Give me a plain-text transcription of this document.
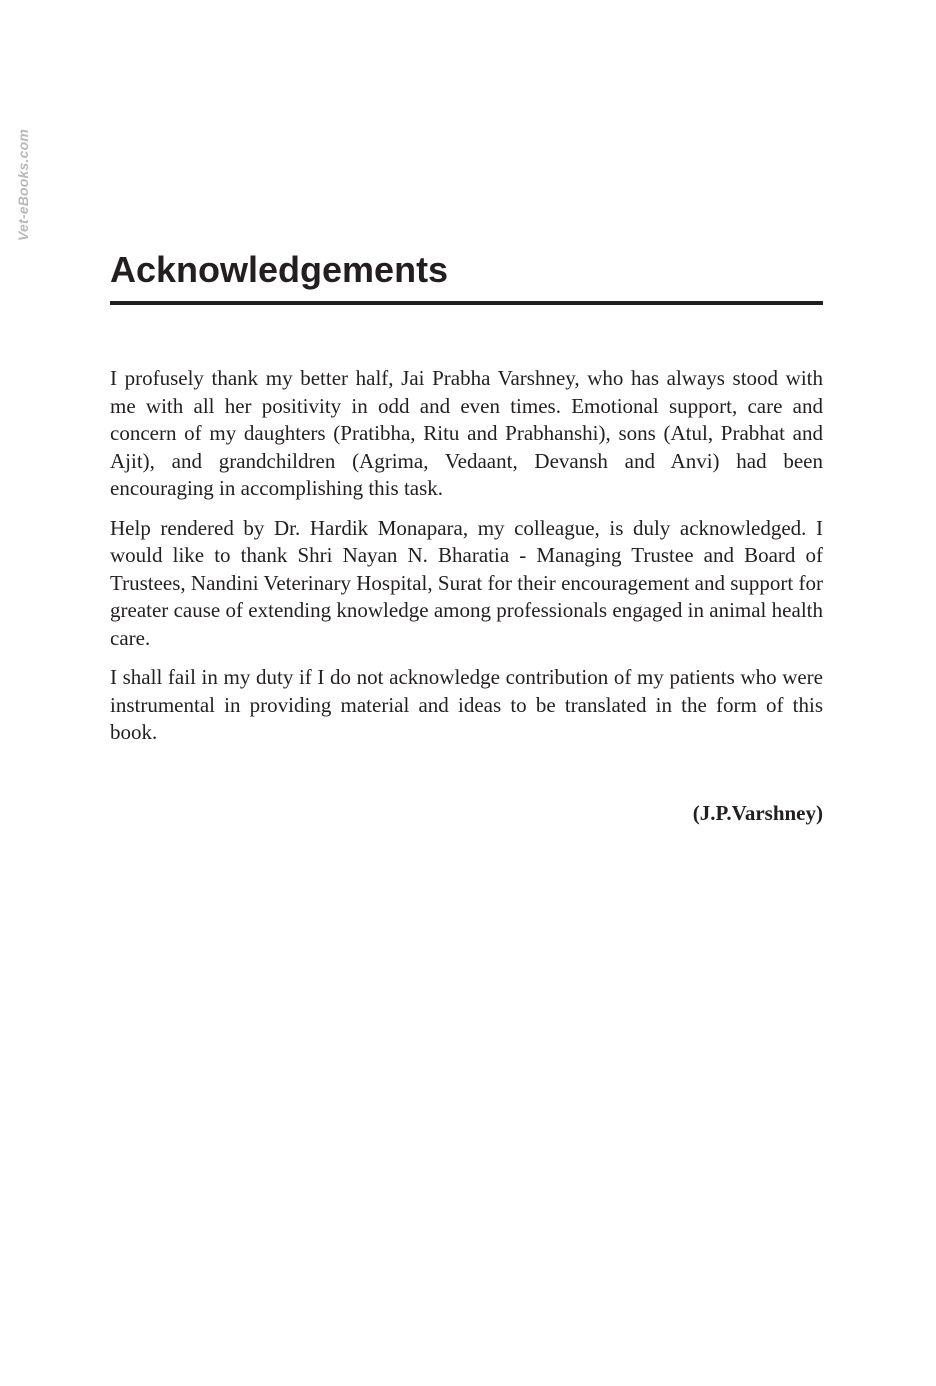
Vet-eBooks.com
Acknowledgements

I profusely thank my better half, Jai Prabha Varshney, who has always stood with me with all her positivity in odd and even times. Emotional support, care and concern of my daughters (Pratibha, Ritu and Prabhanshi), sons (Atul, Prabhat and Ajit), and grandchildren (Agrima, Vedaant, Devansh and Anvi) had been encouraging in accomplishing this task.

Help rendered by Dr. Hardik Monapara, my colleague, is duly acknowledged. I would like to thank Shri Nayan N. Bharatia - Managing Trustee and Board of Trustees, Nandini Veterinary Hospital, Surat for their encouragement and support for greater cause of extending knowledge among professionals engaged in animal health care.

I shall fail in my duty if I do not acknowledge contribution of my patients who were instrumental in providing material and ideas to be translated in the form of this book.

(J.P.Varshney)
